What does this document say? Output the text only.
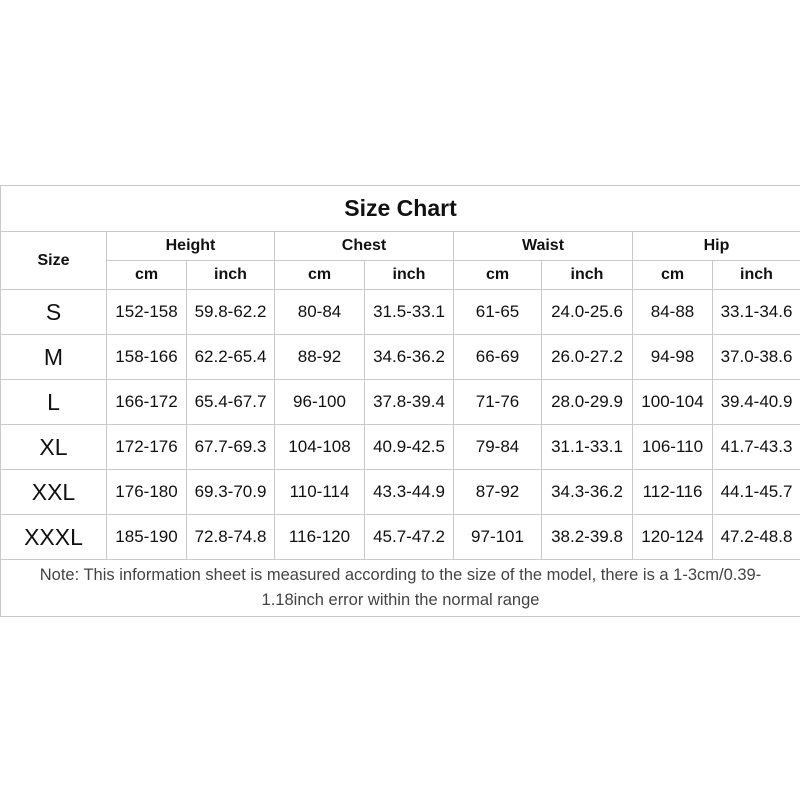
Size Chart								
Size	Height		Chest		Waist		Hip	
	cm	inch	cm	inch	cm	inch	cm	inch
S	152-158	59.8-62.2	80-84	31.5-33.1	61-65	24.0-25.6	84-88	33.1-34.6
M	158-166	62.2-65.4	88-92	34.6-36.2	66-69	26.0-27.2	94-98	37.0-38.6
L	166-172	65.4-67.7	96-100	37.8-39.4	71-76	28.0-29.9	100-104	39.4-40.9
XL	172-176	67.7-69.3	104-108	40.9-42.5	79-84	31.1-33.1	106-110	41.7-43.3
XXL	176-180	69.3-70.9	110-114	43.3-44.9	87-92	34.3-36.2	112-116	44.1-45.7
XXXL	185-190	72.8-74.8	116-120	45.7-47.2	97-101	38.2-39.8	120-124	47.2-48.8
Note: This information sheet is measured according to the size of the model, there is a 1-3cm/0.39-1.18inch error within the normal range								
